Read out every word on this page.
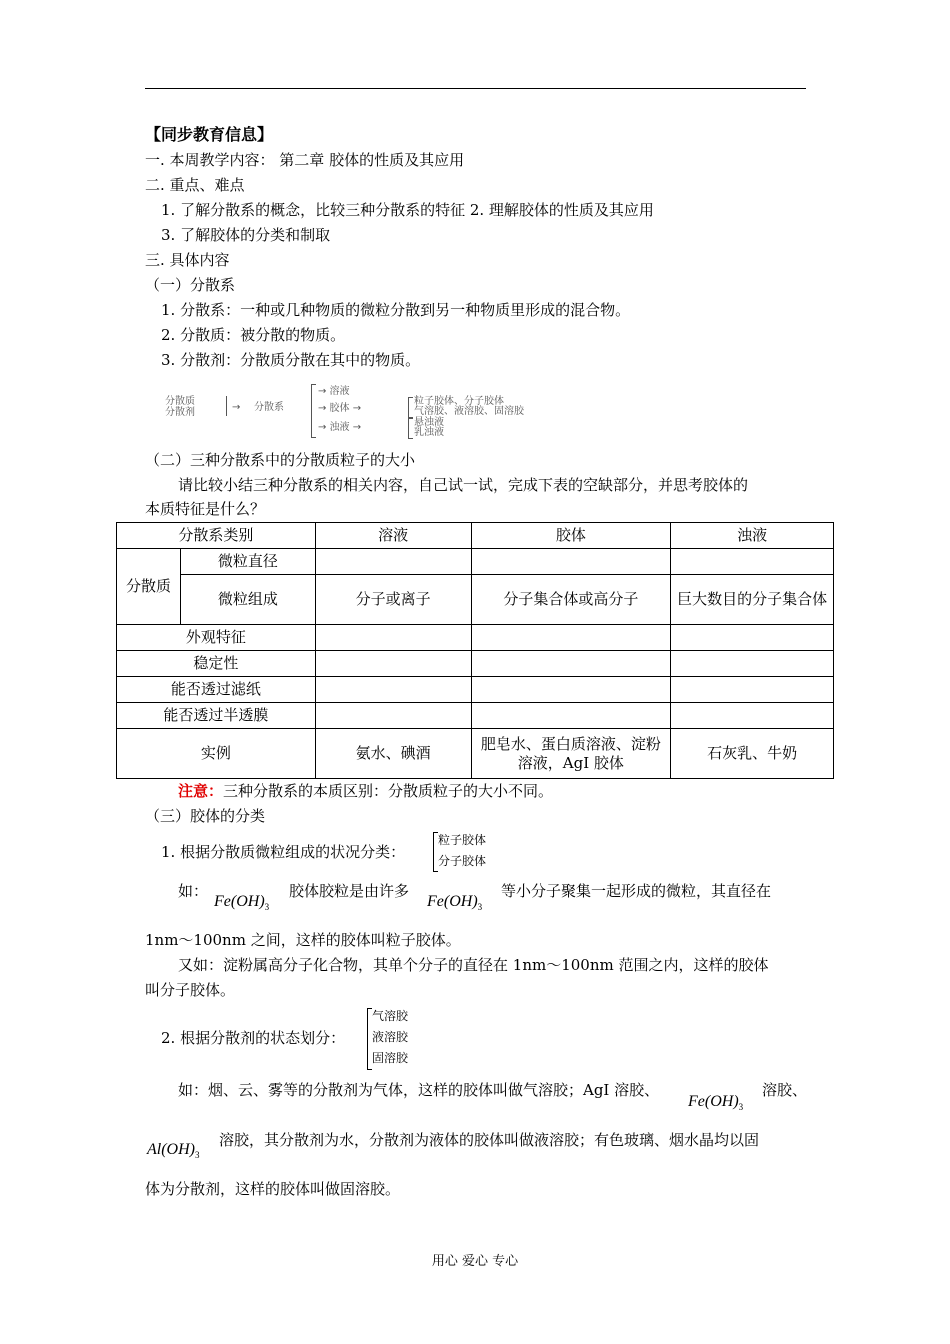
【同步教育信息】
一. 本周教学内容： 第二章 胶体的性质及其应用
二. 重点、难点
1. 了解分散系的概念，比较三种分散系的特征 2. 理解胶体的性质及其应用
3. 了解胶体的分类和制取
三. 具体内容
（一）分散系
1. 分散系：一种或几种物质的微粒分散到另一种物质里形成的混合物。
2. 分散质：被分散的物质。
3. 分散剂：分散质分散在其中的物质。
分散质
分散剂	→ 分散系
→ 溶液
→ 胶体 →
→ 浊液 →
粒子胶体、分子胶体
气溶胶、液溶胶、固溶胶
悬浊液
乳浊液
（二）三种分散系中的分散质粒子的大小
请比较小结三种分散系的相关内容，自己试一试，完成下表的空缺部分，并思考胶体的
本质特征是什么？
分散系类别		溶液	胶体	浊液
分散质	微粒直径			
	微粒组成	分子或离子	分子集合体或高分子	巨大数目的分子集合体
外观特征				
稳定性				
能否透过滤纸				
能否透过半透膜				
实例		氨水、碘酒	肥皂水、蛋白质溶液、淀粉溶液，AgI 胶体	石灰乳、牛奶
注意：三种分散系的本质区别：分散质粒子的大小不同。
（三）胶体的分类
1. 根据分散质微粒组成的状况分类：
粒子胶体
分子胶体
如：
$Fe(OH)_3$
胶体胶粒是由许多
$Fe(OH)_3$
等小分子聚集一起形成的微粒，其直径在
1nm～100nm 之间，这样的胶体叫粒子胶体。
又如：淀粉属高分子化合物，其单个分子的直径在 1nm～100nm 范围之内，这样的胶体
叫分子胶体。
2. 根据分散剂的状态划分：
气溶胶
液溶胶
固溶胶
如：烟、云、雾等的分散剂为气体，这样的胶体叫做气溶胶；AgI 溶胶、
$Fe(OH)_3$
溶胶、
$Al(OH)_3$
溶胶，其分散剂为水，分散剂为液体的胶体叫做液溶胶；有色玻璃、烟水晶均以固
体为分散剂，这样的胶体叫做固溶胶。
用心 爱心 专心
